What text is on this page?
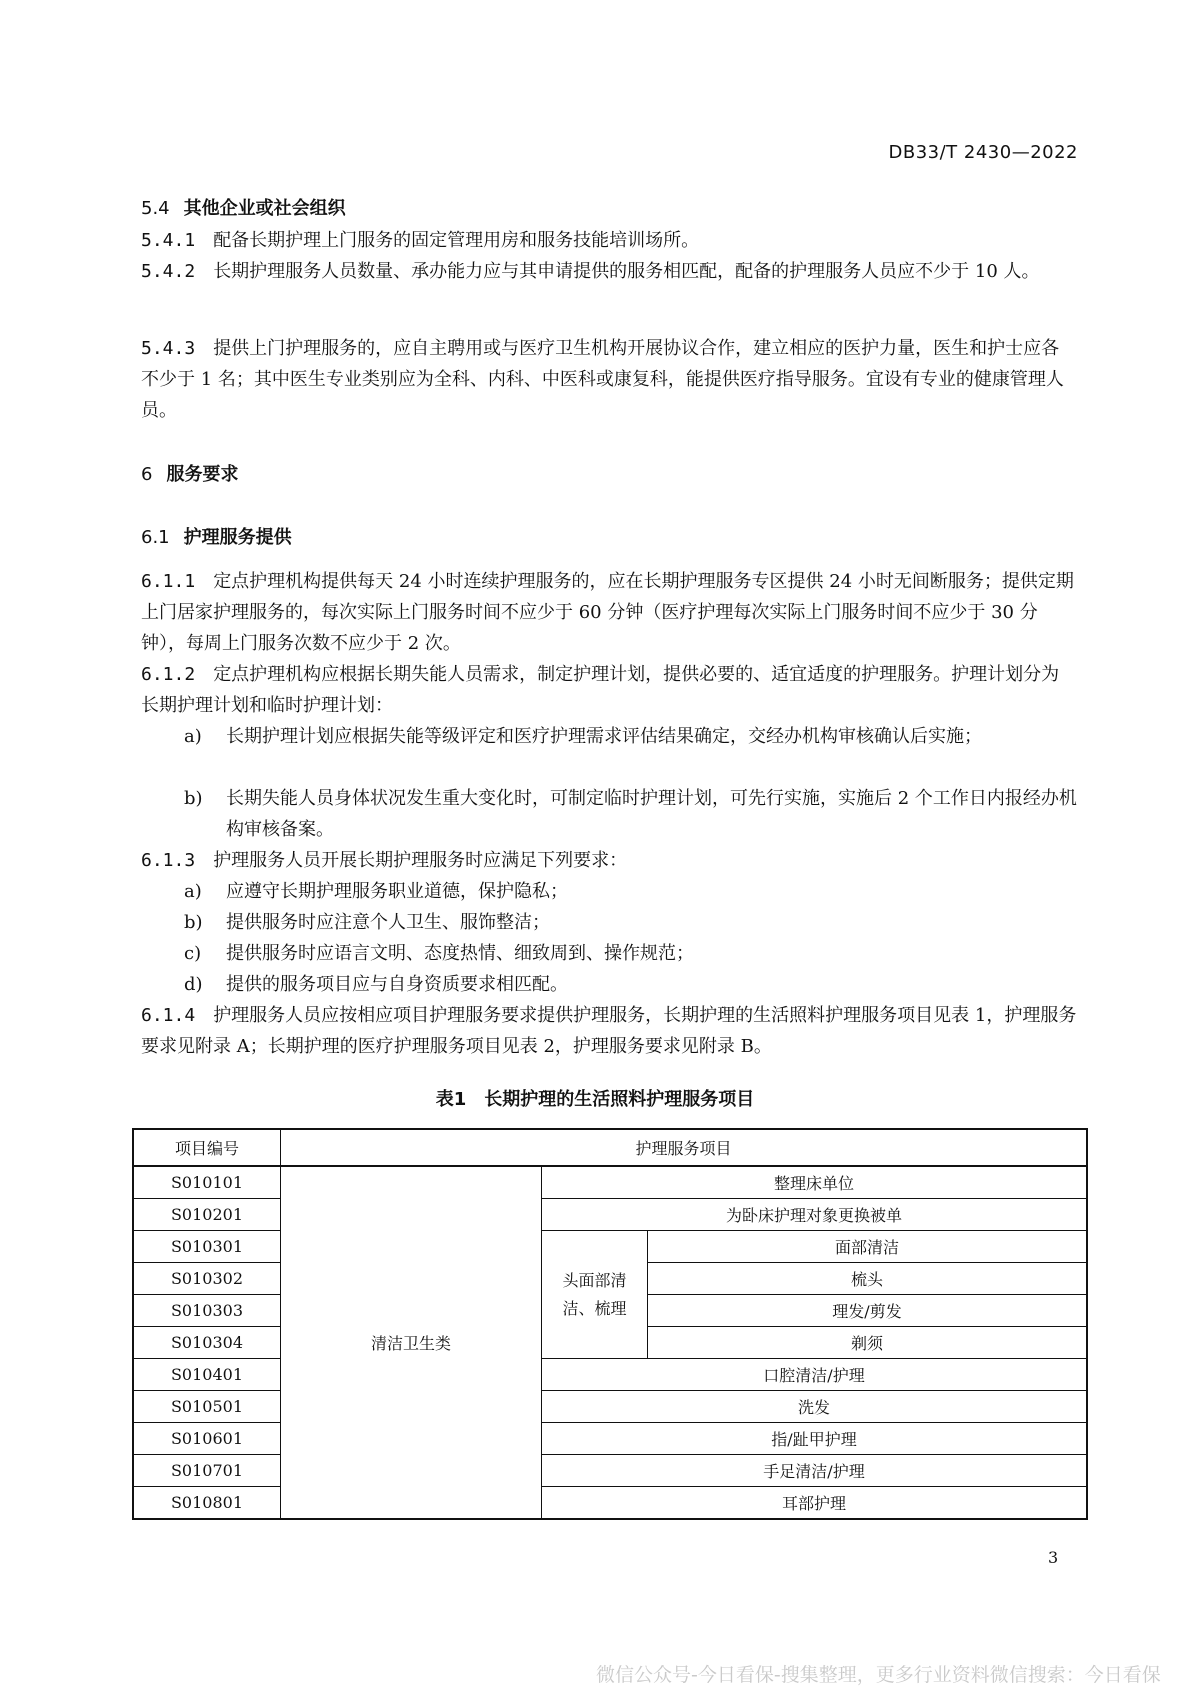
DB33/T 2430—2022
5.4 其他企业或社会组织
5.4.1 配备长期护理上门服务的固定管理用房和服务技能培训场所。
5.4.2 长期护理服务人员数量、承办能力应与其申请提供的服务相匹配，配备的护理服务人员应不少于 10 人。
5.4.3 提供上门护理服务的，应自主聘用或与医疗卫生机构开展协议合作，建立相应的医护力量，医生和护士应各不少于 1 名；其中医生专业类别应为全科、内科、中医科或康复科，能提供医疗指导服务。宜设有专业的健康管理人员。
6 服务要求
6.1 护理服务提供
6.1.1 定点护理机构提供每天 24 小时连续护理服务的，应在长期护理服务专区提供 24 小时无间断服务；提供定期上门居家护理服务的，每次实际上门服务时间不应少于 60 分钟（医疗护理每次实际上门服务时间不应少于 30 分钟），每周上门服务次数不应少于 2 次。
6.1.2 定点护理机构应根据长期失能人员需求，制定护理计划，提供必要的、适宜适度的护理服务。护理计划分为长期护理计划和临时护理计划：
a) 长期护理计划应根据失能等级评定和医疗护理需求评估结果确定，交经办机构审核确认后实施；
b) 长期失能人员身体状况发生重大变化时，可制定临时护理计划，可先行实施，实施后 2 个工作日内报经办机构审核备案。
6.1.3 护理服务人员开展长期护理服务时应满足下列要求：
a) 应遵守长期护理服务职业道德，保护隐私；
b) 提供服务时应注意个人卫生、服饰整洁；
c) 提供服务时应语言文明、态度热情、细致周到、操作规范；
d) 提供的服务项目应与自身资质要求相匹配。
6.1.4 护理服务人员应按相应项目护理服务要求提供护理服务，长期护理的生活照料护理服务项目见表 1，护理服务要求见附录 A；长期护理的医疗护理服务项目见表 2，护理服务要求见附录 B。
表1 长期护理的生活照料护理服务项目
项目编号	护理服务项目		
S010101	清洁卫生类	整理床单位	
S010201		为卧床护理对象更换被单	
S010301		头面部清洁、梳理	面部清洁
S010302			梳头
S010303			理发/剪发
S010304			剃须
S010401		口腔清洁/护理	
S010501		洗发	
S010601		指/趾甲护理	
S010701		手足清洁/护理	
S010801		耳部护理	
3
微信公众号-今日看保-搜集整理，更多行业资料微信搜索：今日看保
